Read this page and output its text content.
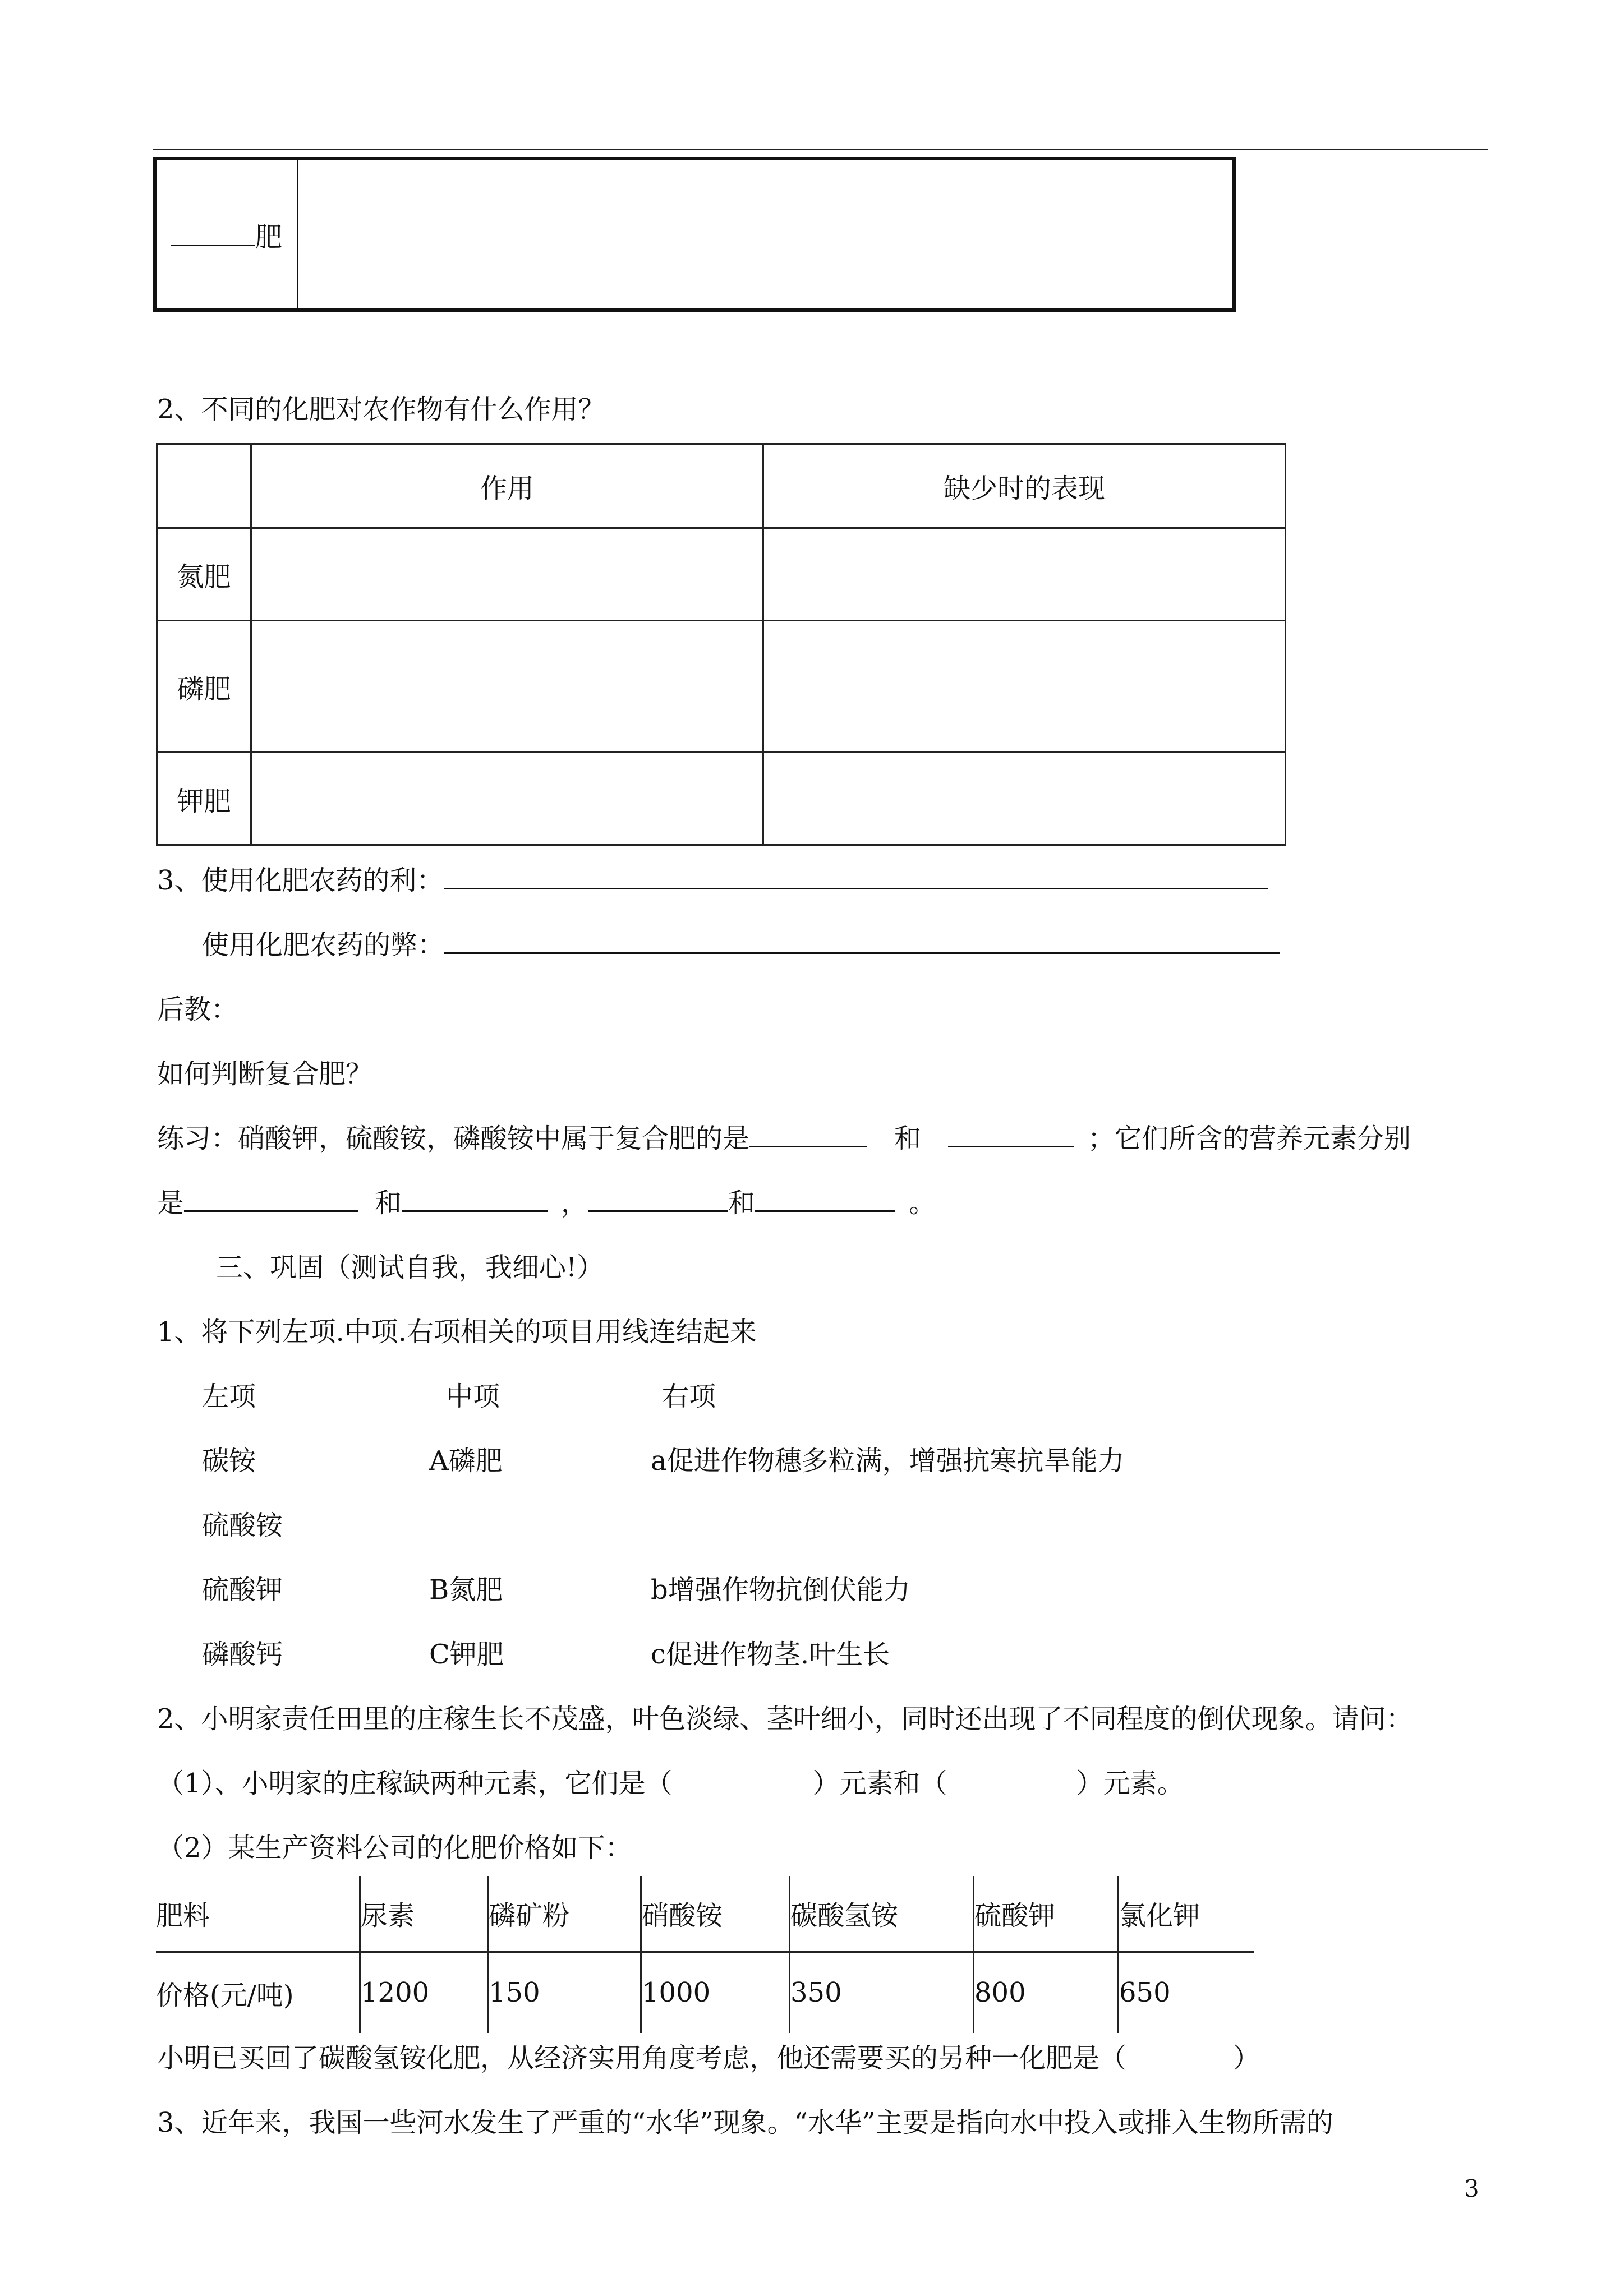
肥	
2、不同的化肥对农作物有什么作用？
	作用	缺少时的表现
氮肥		
磷肥		
钾肥		
3、使用化肥农药的利：
使用化肥农药的弊：
后教：
如何判断复合肥？
练习：硝酸钾，硫酸铵，磷酸铵中属于复合肥的是	和	；它们所含的营养元素分别
是	和	，	和	。
三、巩固（测试自我，我细心!）
1、将下列左项.中项.右项相关的项目用线连结起来
左项	中项	右项
碳铵	A磷肥	a促进作物穗多粒满，增强抗寒抗旱能力
硫酸铵
硫酸钾	B氮肥	b增强作物抗倒伏能力
磷酸钙	C钾肥	c促进作物茎.叶生长
2、小明家责任田里的庄稼生长不茂盛，叶色淡绿、茎叶细小，同时还出现了不同程度的倒伏现象。请问：
（1）、小明家的庄稼缺两种元素，它们是（	）元素和（	）元素。
（2）某生产资料公司的化肥价格如下：
肥料	尿素	磷矿粉	硝酸铵	碳酸氢铵	硫酸钾	氯化钾
价格(元/吨)	1200	150	1000	350	800	650
小明已买回了碳酸氢铵化肥，从经济实用角度考虑，他还需要买的另种一化肥是（	）
3、近年来，我国一些河水发生了严重的“水华”现象。“水华”主要是指向水中投入或排入生物所需的
3
